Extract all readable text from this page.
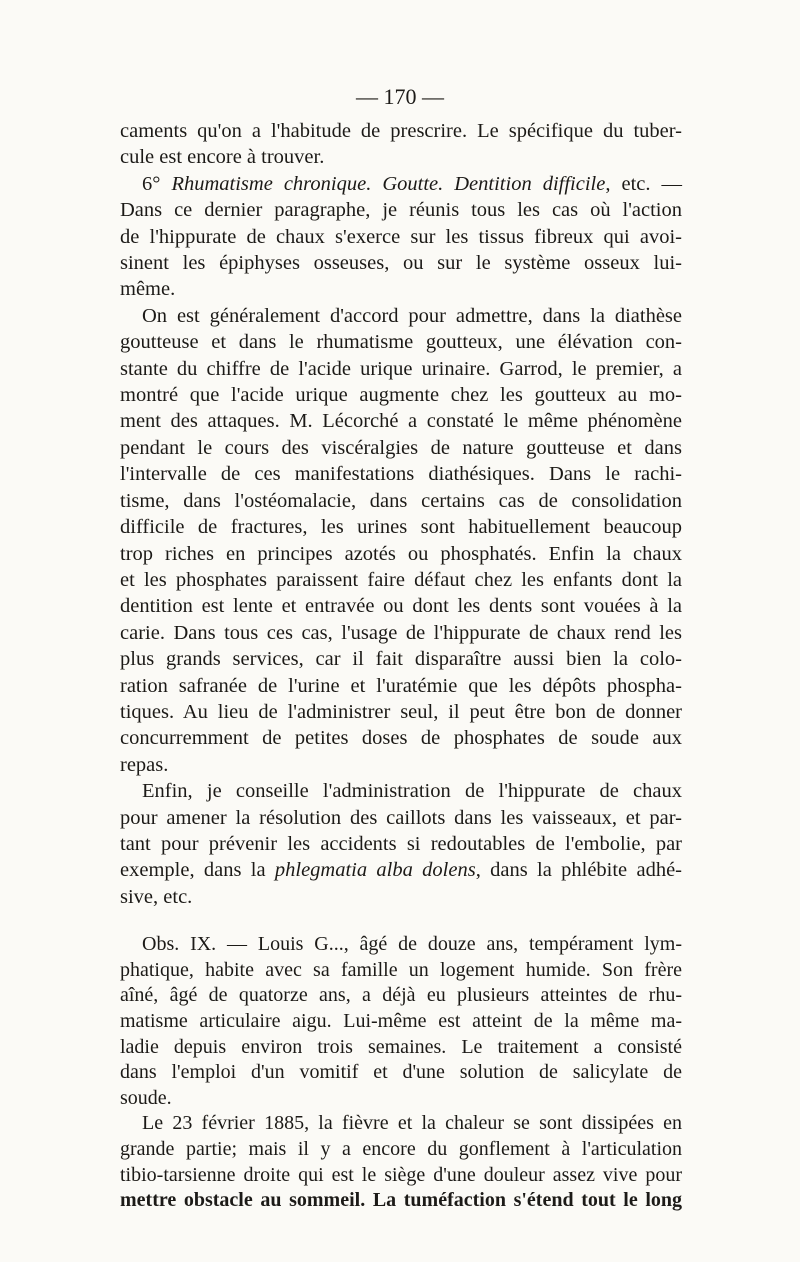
— 170 —
caments qu'on a l'habitude de prescrire. Le spécifique du tuber-
cule est encore à trouver.
6° Rhumatisme chronique. Goutte. Dentition difficile, etc. —
Dans ce dernier paragraphe, je réunis tous les cas où l'action
de l'hippurate de chaux s'exerce sur les tissus fibreux qui avoi-
sinent les épiphyses osseuses, ou sur le système osseux lui-
même.
On est généralement d'accord pour admettre, dans la diathèse
goutteuse et dans le rhumatisme goutteux, une élévation con-
stante du chiffre de l'acide urique urinaire. Garrod, le premier, a
montré que l'acide urique augmente chez les goutteux au mo-
ment des attaques. M. Lécorché a constaté le même phénomène
pendant le cours des viscéralgies de nature goutteuse et dans
l'intervalle de ces manifestations diathésiques. Dans le rachi-
tisme, dans l'ostéomalacie, dans certains cas de consolidation
difficile de fractures, les urines sont habituellement beaucoup
trop riches en principes azotés ou phosphatés. Enfin la chaux
et les phosphates paraissent faire défaut chez les enfants dont la
dentition est lente et entravée ou dont les dents sont vouées à la
carie. Dans tous ces cas, l'usage de l'hippurate de chaux rend les
plus grands services, car il fait disparaître aussi bien la colo-
ration safranée de l'urine et l'uratémie que les dépôts phospha-
tiques. Au lieu de l'administrer seul, il peut être bon de donner
concurremment de petites doses de phosphates de soude aux
repas.
Enfin, je conseille l'administration de l'hippurate de chaux
pour amener la résolution des caillots dans les vaisseaux, et par-
tant pour prévenir les accidents si redoutables de l'embolie, par
exemple, dans la phlegmatia alba dolens, dans la phlébite adhé-
sive, etc.
Obs. IX. — Louis G..., âgé de douze ans, tempérament lym-
phatique, habite avec sa famille un logement humide. Son frère
aîné, âgé de quatorze ans, a déjà eu plusieurs atteintes de rhu-
matisme articulaire aigu. Lui-même est atteint de la même ma-
ladie depuis environ trois semaines. Le traitement a consisté
dans l'emploi d'un vomitif et d'une solution de salicylate de
soude.
Le 23 février 1885, la fièvre et la chaleur se sont dissipées en
grande partie; mais il y a encore du gonflement à l'articulation
tibio-tarsienne droite qui est le siège d'une douleur assez vive pour
mettre obstacle au sommeil. La tuméfaction s'étend tout le long
